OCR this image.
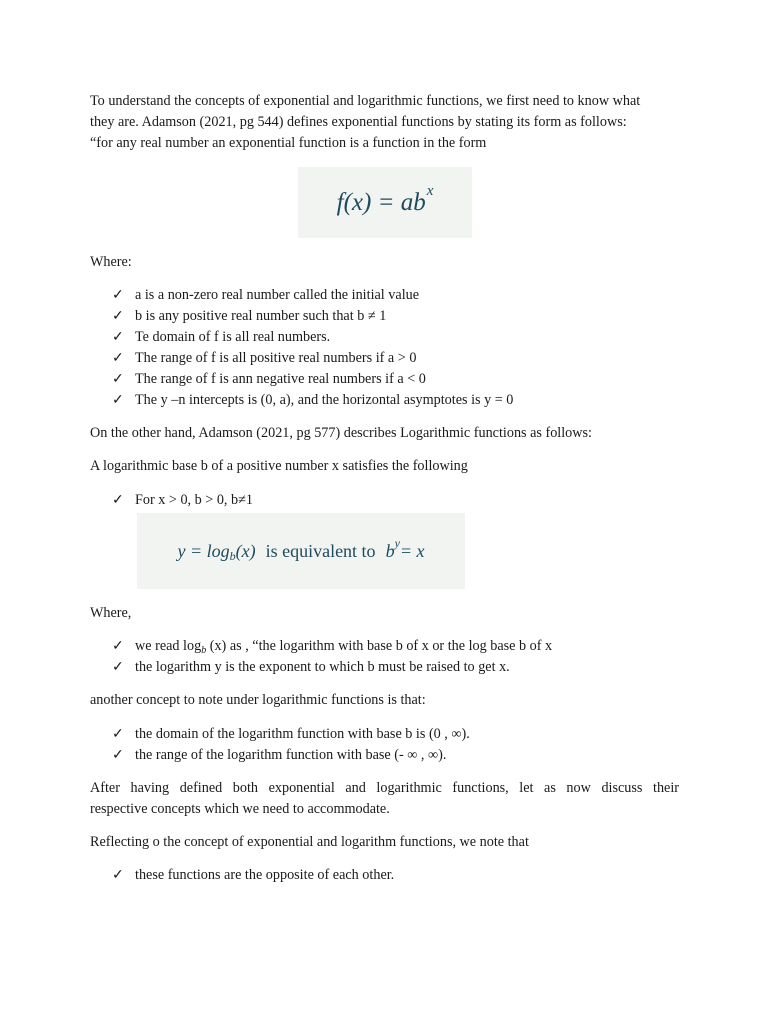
To understand the concepts of exponential and logarithmic functions, we first need to know what

they are. Adamson (2021, pg 544) defines exponential functions by stating its form as follows:

“for any real number an exponential function is a function in the form

f(x) = ab x

Where:

✓ a is a non-zero real number called the initial value
✓ b is any positive real number such that b ≠ 1
✓ Te domain of f is all real numbers.
✓ The range of f is all positive real numbers if a > 0
✓ The range of f is ann negative real numbers if a < 0
✓ The y –n intercepts is (0, a), and the horizontal asymptotes is y = 0

On the other hand, Adamson (2021, pg 577) describes Logarithmic functions as follows:

A logarithmic base b of a positive number x satisfies the following

✓ For x > 0, b > 0, b≠1
y = log b (x) is equivalent to b y = x

Where,

✓ we read $\log_b (x)$ as , “the logarithm with base b of x or the log base b of x
✓ the logarithm y is the exponent to which b must be raised to get x.

another concept to note under logarithmic functions is that:

✓ the domain of the logarithm function with base b is (0 , ∞).
✓ the range of the logarithm function with base (- ∞ , ∞).

After having defined both exponential and logarithmic functions, let as now discuss their

respective concepts which we need to accommodate.

Reflecting o the concept of exponential and logarithm functions, we note that

✓ these functions are the opposite of each other.
